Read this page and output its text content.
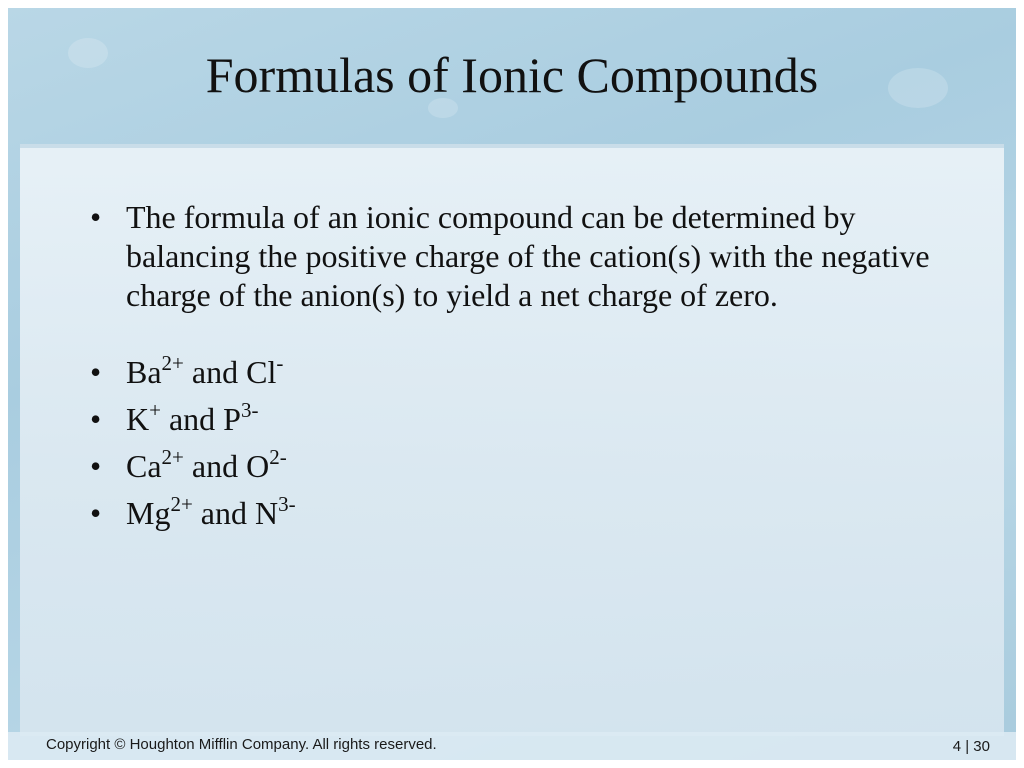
Formulas of Ionic Compounds
• The formula of an ionic compound can be determined by balancing the positive charge of the cation(s) with the negative charge of the anion(s) to yield a net charge of zero.
• $Ba^{2+}$ and Cl-
• K+ and $P^{3-}$
• $Ca^{2+}$ and $O^{2-}$
• $Mg^{2+}$ and $N^{3-}$
Copyright © Houghton Mifflin Company. All rights reserved.	4 | 30
